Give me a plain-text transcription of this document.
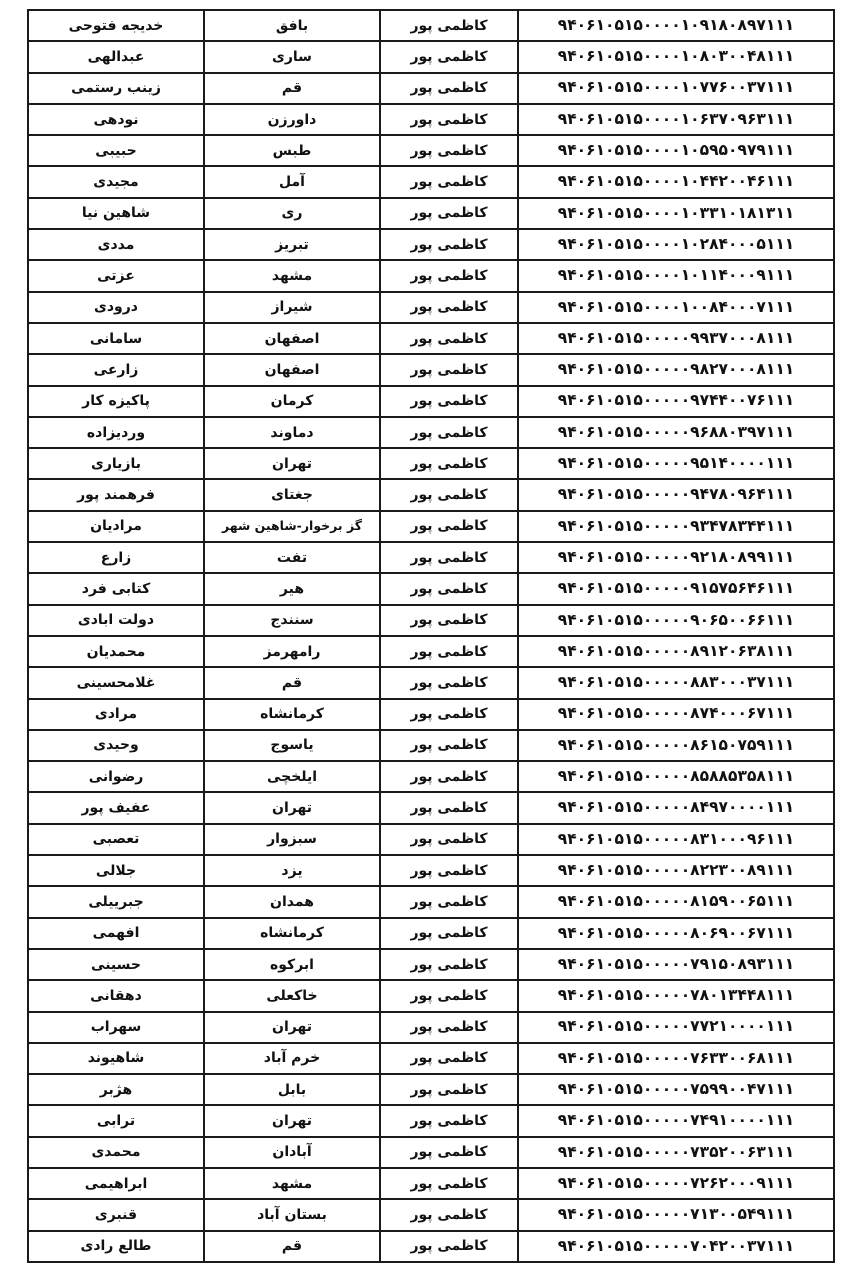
خدیجه فتوحی	بافق	کاظمی پور	۹۴۰۶۱۰۵۱۵۰۰۰۰۱۰۹۱۸۰۸۹۷۱۱۱
عبدالهی	ساری	کاظمی پور	۹۴۰۶۱۰۵۱۵۰۰۰۰۱۰۸۰۳۰۰۴۸۱۱۱
زینب رستمی	قم	کاظمی پور	۹۴۰۶۱۰۵۱۵۰۰۰۰۱۰۷۷۶۰۰۳۷۱۱۱
نودهی	داورزن	کاظمی پور	۹۴۰۶۱۰۵۱۵۰۰۰۰۱۰۶۳۷۰۹۶۳۱۱۱
حبیبی	طبس	کاظمی پور	۹۴۰۶۱۰۵۱۵۰۰۰۰۱۰۵۹۵۰۹۷۹۱۱۱
مجیدی	آمل	کاظمی پور	۹۴۰۶۱۰۵۱۵۰۰۰۰۱۰۴۴۲۰۰۴۶۱۱۱
شاهین نیا	ری	کاظمی پور	۹۴۰۶۱۰۵۱۵۰۰۰۰۱۰۳۳۱۰۱۸۱۳۱۱
مددی	تبریز	کاظمی پور	۹۴۰۶۱۰۵۱۵۰۰۰۰۱۰۲۸۴۰۰۰۵۱۱۱
عزتی	مشهد	کاظمی پور	۹۴۰۶۱۰۵۱۵۰۰۰۰۱۰۱۱۴۰۰۰۹۱۱۱
درودی	شیراز	کاظمی پور	۹۴۰۶۱۰۵۱۵۰۰۰۰۱۰۰۸۴۰۰۰۷۱۱۱
سامانی	اصفهان	کاظمی پور	۹۴۰۶۱۰۵۱۵۰۰۰۰۰۹۹۳۷۰۰۰۸۱۱۱
زارعی	اصفهان	کاظمی پور	۹۴۰۶۱۰۵۱۵۰۰۰۰۰۹۸۲۷۰۰۰۸۱۱۱
پاکیزه کار	کرمان	کاظمی پور	۹۴۰۶۱۰۵۱۵۰۰۰۰۰۹۷۴۴۰۰۷۶۱۱۱
وردیزاده	دماوند	کاظمی پور	۹۴۰۶۱۰۵۱۵۰۰۰۰۰۹۶۸۸۰۳۹۷۱۱۱
بازیاری	تهران	کاظمی پور	۹۴۰۶۱۰۵۱۵۰۰۰۰۰۹۵۱۴۰۰۰۰۱۱۱
فرهمند پور	جغتای	کاظمی پور	۹۴۰۶۱۰۵۱۵۰۰۰۰۰۹۴۷۸۰۹۶۴۱۱۱
مرادیان	گز برخوار-شاهین شهر	کاظمی پور	۹۴۰۶۱۰۵۱۵۰۰۰۰۰۹۳۴۷۸۳۴۴۱۱۱
زارع	تفت	کاظمی پور	۹۴۰۶۱۰۵۱۵۰۰۰۰۰۹۲۱۸۰۸۹۹۱۱۱
کتابی فرد	هیر	کاظمی پور	۹۴۰۶۱۰۵۱۵۰۰۰۰۰۹۱۵۷۵۶۴۶۱۱۱
دولت ابادی	سنندج	کاظمی پور	۹۴۰۶۱۰۵۱۵۰۰۰۰۰۹۰۶۵۰۰۶۶۱۱۱
محمدیان	رامهرمز	کاظمی پور	۹۴۰۶۱۰۵۱۵۰۰۰۰۰۸۹۱۲۰۶۳۸۱۱۱
غلامحسینی	قم	کاظمی پور	۹۴۰۶۱۰۵۱۵۰۰۰۰۰۸۸۳۰۰۰۳۷۱۱۱
مرادی	کرمانشاه	کاظمی پور	۹۴۰۶۱۰۵۱۵۰۰۰۰۰۸۷۴۰۰۰۶۷۱۱۱
وحیدی	یاسوج	کاظمی پور	۹۴۰۶۱۰۵۱۵۰۰۰۰۰۸۶۱۵۰۷۵۹۱۱۱
رضوانی	ایلخچی	کاظمی پور	۹۴۰۶۱۰۵۱۵۰۰۰۰۰۸۵۸۸۵۳۵۸۱۱۱
عفیف پور	تهران	کاظمی پور	۹۴۰۶۱۰۵۱۵۰۰۰۰۰۸۴۹۷۰۰۰۰۱۱۱
تعصبی	سبزوار	کاظمی پور	۹۴۰۶۱۰۵۱۵۰۰۰۰۰۸۳۱۰۰۰۹۶۱۱۱
جلالی	یزد	کاظمی پور	۹۴۰۶۱۰۵۱۵۰۰۰۰۰۸۲۲۳۰۰۸۹۱۱۱
جبرییلی	همدان	کاظمی پور	۹۴۰۶۱۰۵۱۵۰۰۰۰۰۸۱۵۹۰۰۶۵۱۱۱
افهمی	کرمانشاه	کاظمی پور	۹۴۰۶۱۰۵۱۵۰۰۰۰۰۸۰۶۹۰۰۶۷۱۱۱
حسینی	ابرکوه	کاظمی پور	۹۴۰۶۱۰۵۱۵۰۰۰۰۰۷۹۱۵۰۸۹۳۱۱۱
دهقانی	خاکعلی	کاظمی پور	۹۴۰۶۱۰۵۱۵۰۰۰۰۰۷۸۰۱۳۴۴۸۱۱۱
سهراب	تهران	کاظمی پور	۹۴۰۶۱۰۵۱۵۰۰۰۰۰۷۷۲۱۰۰۰۰۱۱۱
شاهیوند	خرم آباد	کاظمی پور	۹۴۰۶۱۰۵۱۵۰۰۰۰۰۷۶۳۳۰۰۶۸۱۱۱
هژبر	بابل	کاظمی پور	۹۴۰۶۱۰۵۱۵۰۰۰۰۰۷۵۹۹۰۰۴۷۱۱۱
ترابی	تهران	کاظمی پور	۹۴۰۶۱۰۵۱۵۰۰۰۰۰۷۴۹۱۰۰۰۰۱۱۱
محمدی	آبادان	کاظمی پور	۹۴۰۶۱۰۵۱۵۰۰۰۰۰۷۳۵۲۰۰۶۳۱۱۱
ابراهیمی	مشهد	کاظمی پور	۹۴۰۶۱۰۵۱۵۰۰۰۰۰۷۲۶۲۰۰۰۹۱۱۱
قنبری	بستان آباد	کاظمی پور	۹۴۰۶۱۰۵۱۵۰۰۰۰۰۷۱۳۰۰۵۴۹۱۱۱
طالع رادی	قم	کاظمی پور	۹۴۰۶۱۰۵۱۵۰۰۰۰۰۷۰۴۲۰۰۳۷۱۱۱
